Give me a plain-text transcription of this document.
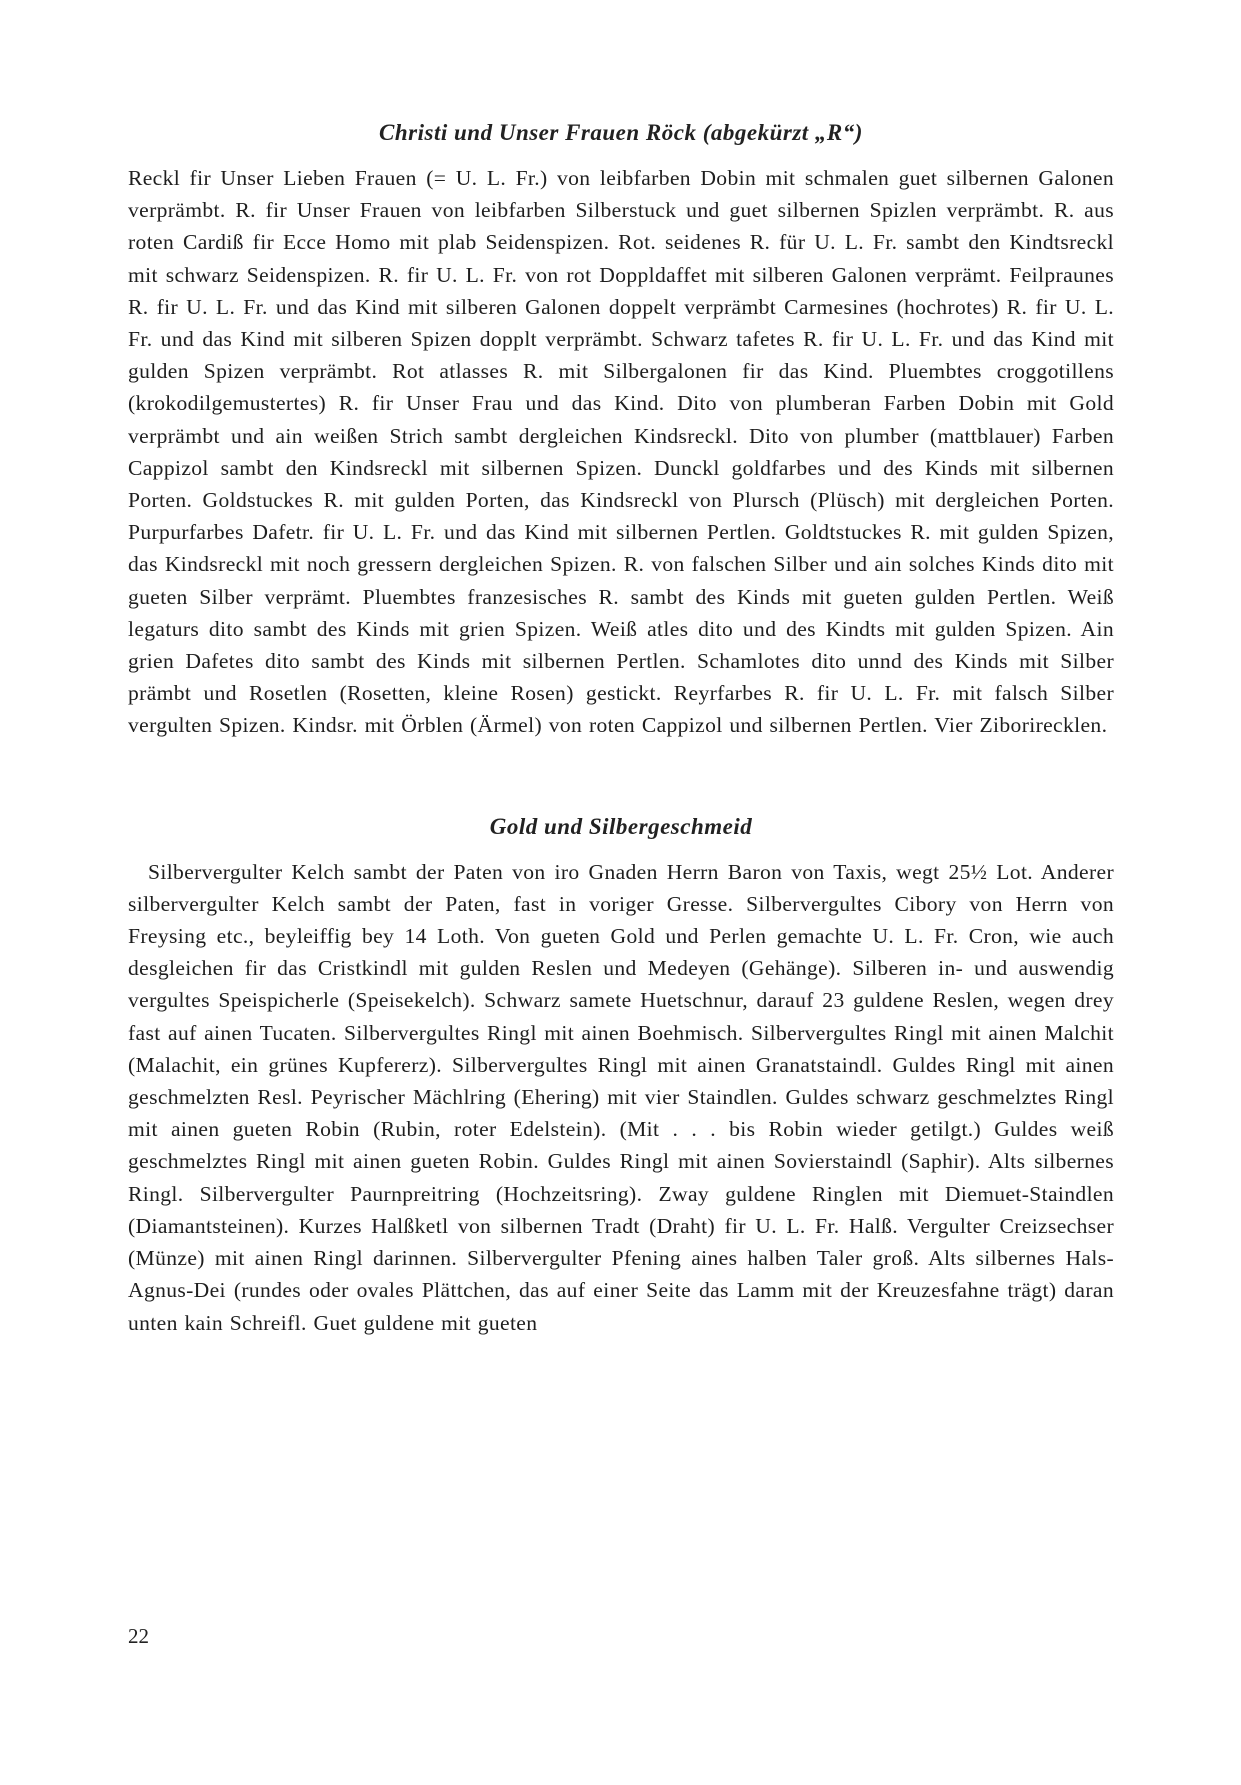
Christi und Unser Frauen Röck (abgekürzt „R“)

Reckl fir Unser Lieben Frauen (= U. L. Fr.) von leibfarben Dobin mit schmalen guet silbernen Galonen verprämbt. R. fir Unser Frauen von leibfarben Silberstuck und guet silbernen Spizlen verprämbt. R. aus roten Cardiß fir Ecce Homo mit plab Seidenspizen. Rot. seidenes R. für U. L. Fr. sambt den Kindtsreckl mit schwarz Seidenspizen. R. fir U. L. Fr. von rot Doppldaffet mit silberen Galonen verprämt. Feilpraunes R. fir U. L. Fr. und das Kind mit silberen Galonen doppelt verprämbt Carmesines (hochrotes) R. fir U. L. Fr. und das Kind mit silberen Spizen dopplt verprämbt. Schwarz tafetes R. fir U. L. Fr. und das Kind mit gulden Spizen verprämbt. Rot atlasses R. mit Silbergalonen fir das Kind. Pluembtes croggotillens (krokodilgemustertes) R. fir Unser Frau und das Kind. Dito von plumberan Farben Dobin mit Gold verprämbt und ain weißen Strich sambt dergleichen Kindsreckl. Dito von plumber (mattblauer) Farben Cappizol sambt den Kindsreckl mit silbernen Spizen. Dunckl goldfarbes und des Kinds mit silbernen Porten. Goldstuckes R. mit gulden Porten, das Kindsreckl von Plursch (Plüsch) mit dergleichen Porten. Purpurfarbes Dafetr. fir U. L. Fr. und das Kind mit silbernen Pertlen. Goldtstuckes R. mit gulden Spizen, das Kindsreckl mit noch gressern dergleichen Spizen. R. von falschen Silber und ain solches Kinds dito mit gueten Silber verprämt. Pluembtes franzesisches R. sambt des Kinds mit gueten gulden Pertlen. Weiß legaturs dito sambt des Kinds mit grien Spizen. Weiß atles dito und des Kindts mit gulden Spizen. Ain grien Dafetes dito sambt des Kinds mit silbernen Pertlen. Schamlotes dito unnd des Kinds mit Silber prämbt und Rosetlen (Rosetten, kleine Rosen) gestickt. Reyrfarbes R. fir U. L. Fr. mit falsch Silber vergulten Spizen. Kindsr. mit Örblen (Ärmel) von roten Cappizol und silbernen Pertlen. Vier Ziborirecklen.

Gold und Silbergeschmeid

Silbervergulter Kelch sambt der Paten von iro Gnaden Herrn Baron von Taxis, wegt 25½ Lot. Anderer silbervergulter Kelch sambt der Paten, fast in voriger Gresse. Silbervergultes Cibory von Herrn von Freysing etc., beyleiffig bey 14 Loth. Von gueten Gold und Perlen gemachte U. L. Fr. Cron, wie auch desgleichen fir das Cristkindl mit gulden Reslen und Medeyen (Gehänge). Silberen in- und auswendig vergultes Speispicherle (Speisekelch). Schwarz samete Huetschnur, darauf 23 guldene Reslen, wegen drey fast auf ainen Tucaten. Silbervergultes Ringl mit ainen Boehmisch. Silbervergultes Ringl mit ainen Malchit (Malachit, ein grünes Kupfererz). Silbervergultes Ringl mit ainen Granatstaindl. Guldes Ringl mit ainen geschmelzten Resl. Peyrischer Mächlring (Ehering) mit vier Staindlen. Guldes schwarz geschmelztes Ringl mit ainen gueten Robin (Rubin, roter Edelstein). (Mit . . . bis Robin wieder getilgt.) Guldes weiß geschmelztes Ringl mit ainen gueten Robin. Guldes Ringl mit ainen Sovierstaindl (Saphir). Alts silbernes Ringl. Silbervergulter Paurnpreitring (Hochzeitsring). Zway guldene Ringlen mit Diemuet-Staindlen (Diamantsteinen). Kurzes Halßketl von silbernen Tradt (Draht) fir U. L. Fr. Halß. Vergulter Creizsechser (Münze) mit ainen Ringl darinnen. Silbervergulter Pfening aines halben Taler groß. Alts silbernes Hals-Agnus-Dei (rundes oder ovales Plättchen, das auf einer Seite das Lamm mit der Kreuzesfahne trägt) daran unten kain Schreifl. Guet guldene mit gueten

22
